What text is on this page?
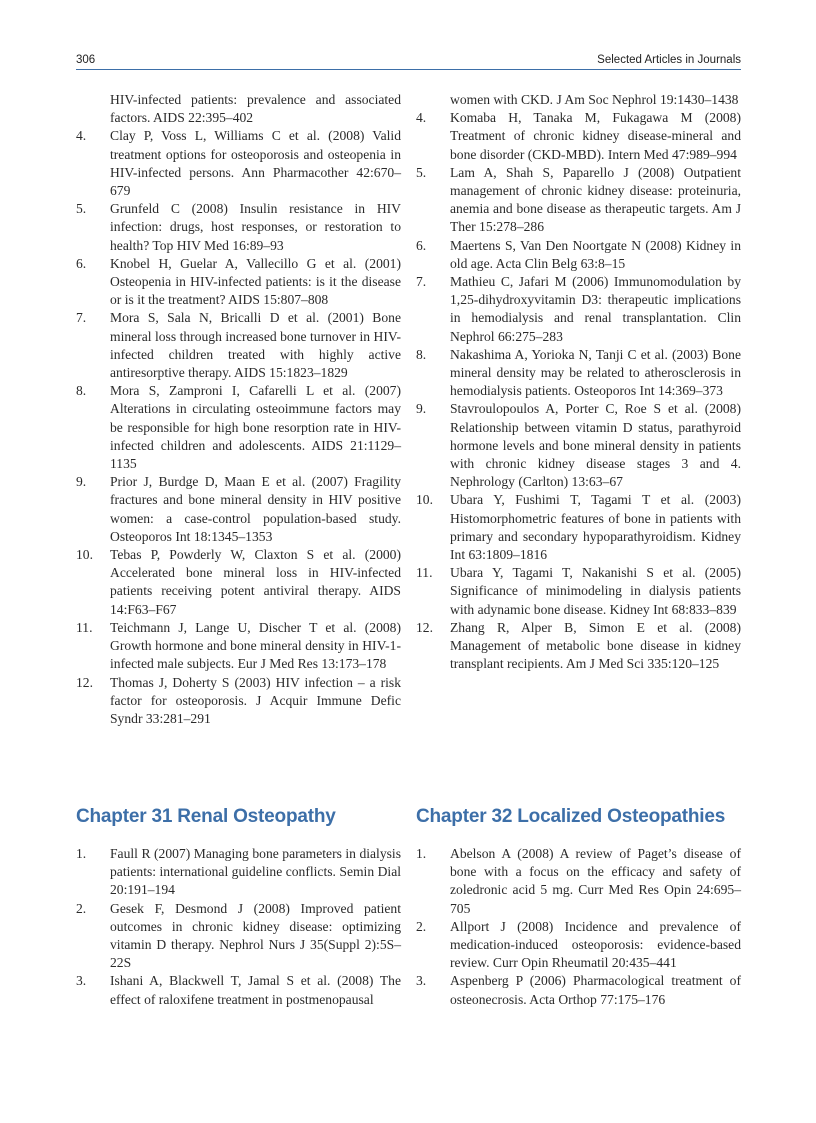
306	Selected Articles in Journals
HIV-infected patients: prevalence and associated factors. AIDS 22:395–402
4.	Clay P, Voss L, Williams C et al. (2008) Valid treatment options for osteoporosis and osteopenia in HIV-infected persons. Ann Pharmacother 42:670–679
5.	Grunfeld C (2008) Insulin resistance in HIV infection: drugs, host responses, or restoration to health? Top HIV Med 16:89–93
6.	Knobel H, Guelar A, Vallecillo G et al. (2001) Osteopenia in HIV-infected patients: is it the disease or is it the treatment? AIDS 15:807–808
7.	Mora S, Sala N, Bricalli D et al. (2001) Bone mineral loss through increased bone turnover in HIV-infected children treated with highly active antiresorptive therapy. AIDS 15:1823–1829
8.	Mora S, Zamproni I, Cafarelli L et al. (2007) Alterations in circulating osteoimmune factors may be responsible for high bone resorption rate in HIV-infected children and adolescents. AIDS 21:1129–1135
9.	Prior J, Burdge D, Maan E et al. (2007) Fragility fractures and bone mineral density in HIV positive women: a case-control population-based study. Osteoporos Int 18:1345–1353
10.	Tebas P, Powderly W, Claxton S et al. (2000) Accelerated bone mineral loss in HIV-infected patients receiving potent antiviral therapy. AIDS 14:F63–F67
11.	Teichmann J, Lange U, Discher T et al. (2008) Growth hormone and bone mineral density in HIV-1-infected male subjects. Eur J Med Res 13:173–178
12.	Thomas J, Doherty S (2003) HIV infection – a risk factor for osteoporosis. J Acquir Immune Defic Syndr 33:281–291
women with CKD. J Am Soc Nephrol 19:1430–1438
4.	Komaba H, Tanaka M, Fukagawa M (2008) Treatment of chronic kidney disease-mineral and bone disorder (CKD-MBD). Intern Med 47:989–994
5.	Lam A, Shah S, Paparello J (2008) Outpatient management of chronic kidney disease: proteinuria, anemia and bone disease as therapeutic targets. Am J Ther 15:278–286
6.	Maertens S, Van Den Noortgate N (2008) Kidney in old age. Acta Clin Belg 63:8–15
7.	Mathieu C, Jafari M (2006) Immunomodulation by 1,25-dihydroxyvitamin D3: therapeutic implications in hemodialysis and renal transplantation. Clin Nephrol 66:275–283
8.	Nakashima A, Yorioka N, Tanji C et al. (2003) Bone mineral density may be related to atherosclerosis in hemodialysis patients. Osteoporos Int 14:369–373
9.	Stavroulopoulos A, Porter C, Roe S et al. (2008) Relationship between vitamin D status, parathyroid hormone levels and bone mineral density in patients with chronic kidney disease stages 3 and 4. Nephrology (Carlton) 13:63–67
10.	Ubara Y, Fushimi T, Tagami T et al. (2003) Histomorphometric features of bone in patients with primary and secondary hypoparathyroidism. Kidney Int 63:1809–1816
11.	Ubara Y, Tagami T, Nakanishi S et al. (2005) Significance of minimodeling in dialysis patients with adynamic bone disease. Kidney Int 68:833–839
12.	Zhang R, Alper B, Simon E et al. (2008) Management of metabolic bone disease in kidney transplant recipients. Am J Med Sci 335:120–125
Chapter 31 Renal Osteopathy	Chapter 32 Localized Osteopathies
1.	Faull R (2007) Managing bone parameters in dialysis patients: international guideline conflicts. Semin Dial 20:191–194
2.	Gesek F, Desmond J (2008) Improved patient outcomes in chronic kidney disease: optimizing vitamin D therapy. Nephrol Nurs J 35(Suppl 2):5S–22S
3.	Ishani A, Blackwell T, Jamal S et al. (2008) The effect of raloxifene treatment in postmenopausal
1.	Abelson A (2008) A review of Paget’s disease of bone with a focus on the efficacy and safety of zoledronic acid 5 mg. Curr Med Res Opin 24:695–705
2.	Allport J (2008) Incidence and prevalence of medication-induced osteoporosis: evidence-based review. Curr Opin Rheumatil 20:435–441
3.	Aspenberg P (2006) Pharmacological treatment of osteonecrosis. Acta Orthop 77:175–176
